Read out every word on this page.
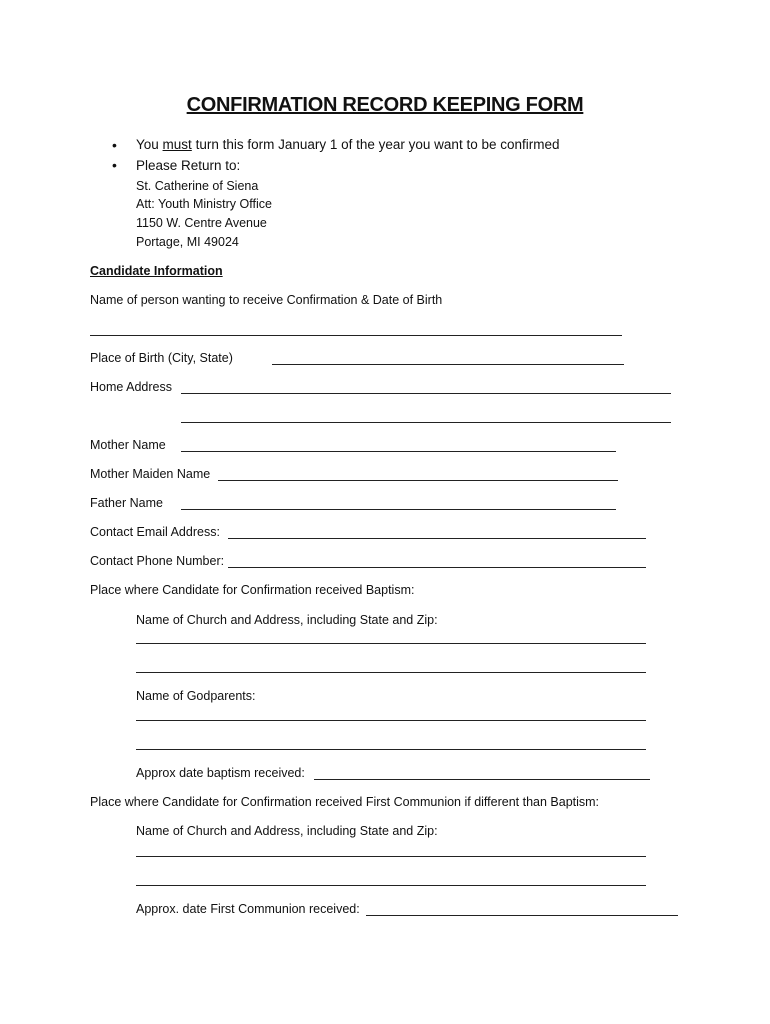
CONFIRMATION RECORD KEEPING FORM
• You must turn this form January 1 of the year you want to be confirmed
• Please Return to:
St. Catherine of Siena
Att: Youth Ministry Office
1150 W. Centre Avenue
Portage, MI 49024
Candidate Information
Name of person wanting to receive Confirmation & Date of Birth
Place of Birth (City, State)
Home Address
Mother Name
Mother Maiden Name
Father Name
Contact Email Address:
Contact Phone Number:
Place where Candidate for Confirmation received Baptism:
Name of Church and Address, including State and Zip:
Name of Godparents:
Approx date baptism received:
Place where Candidate for Confirmation received First Communion if different than Baptism:
Name of Church and Address, including State and Zip:
Approx. date First Communion received:
